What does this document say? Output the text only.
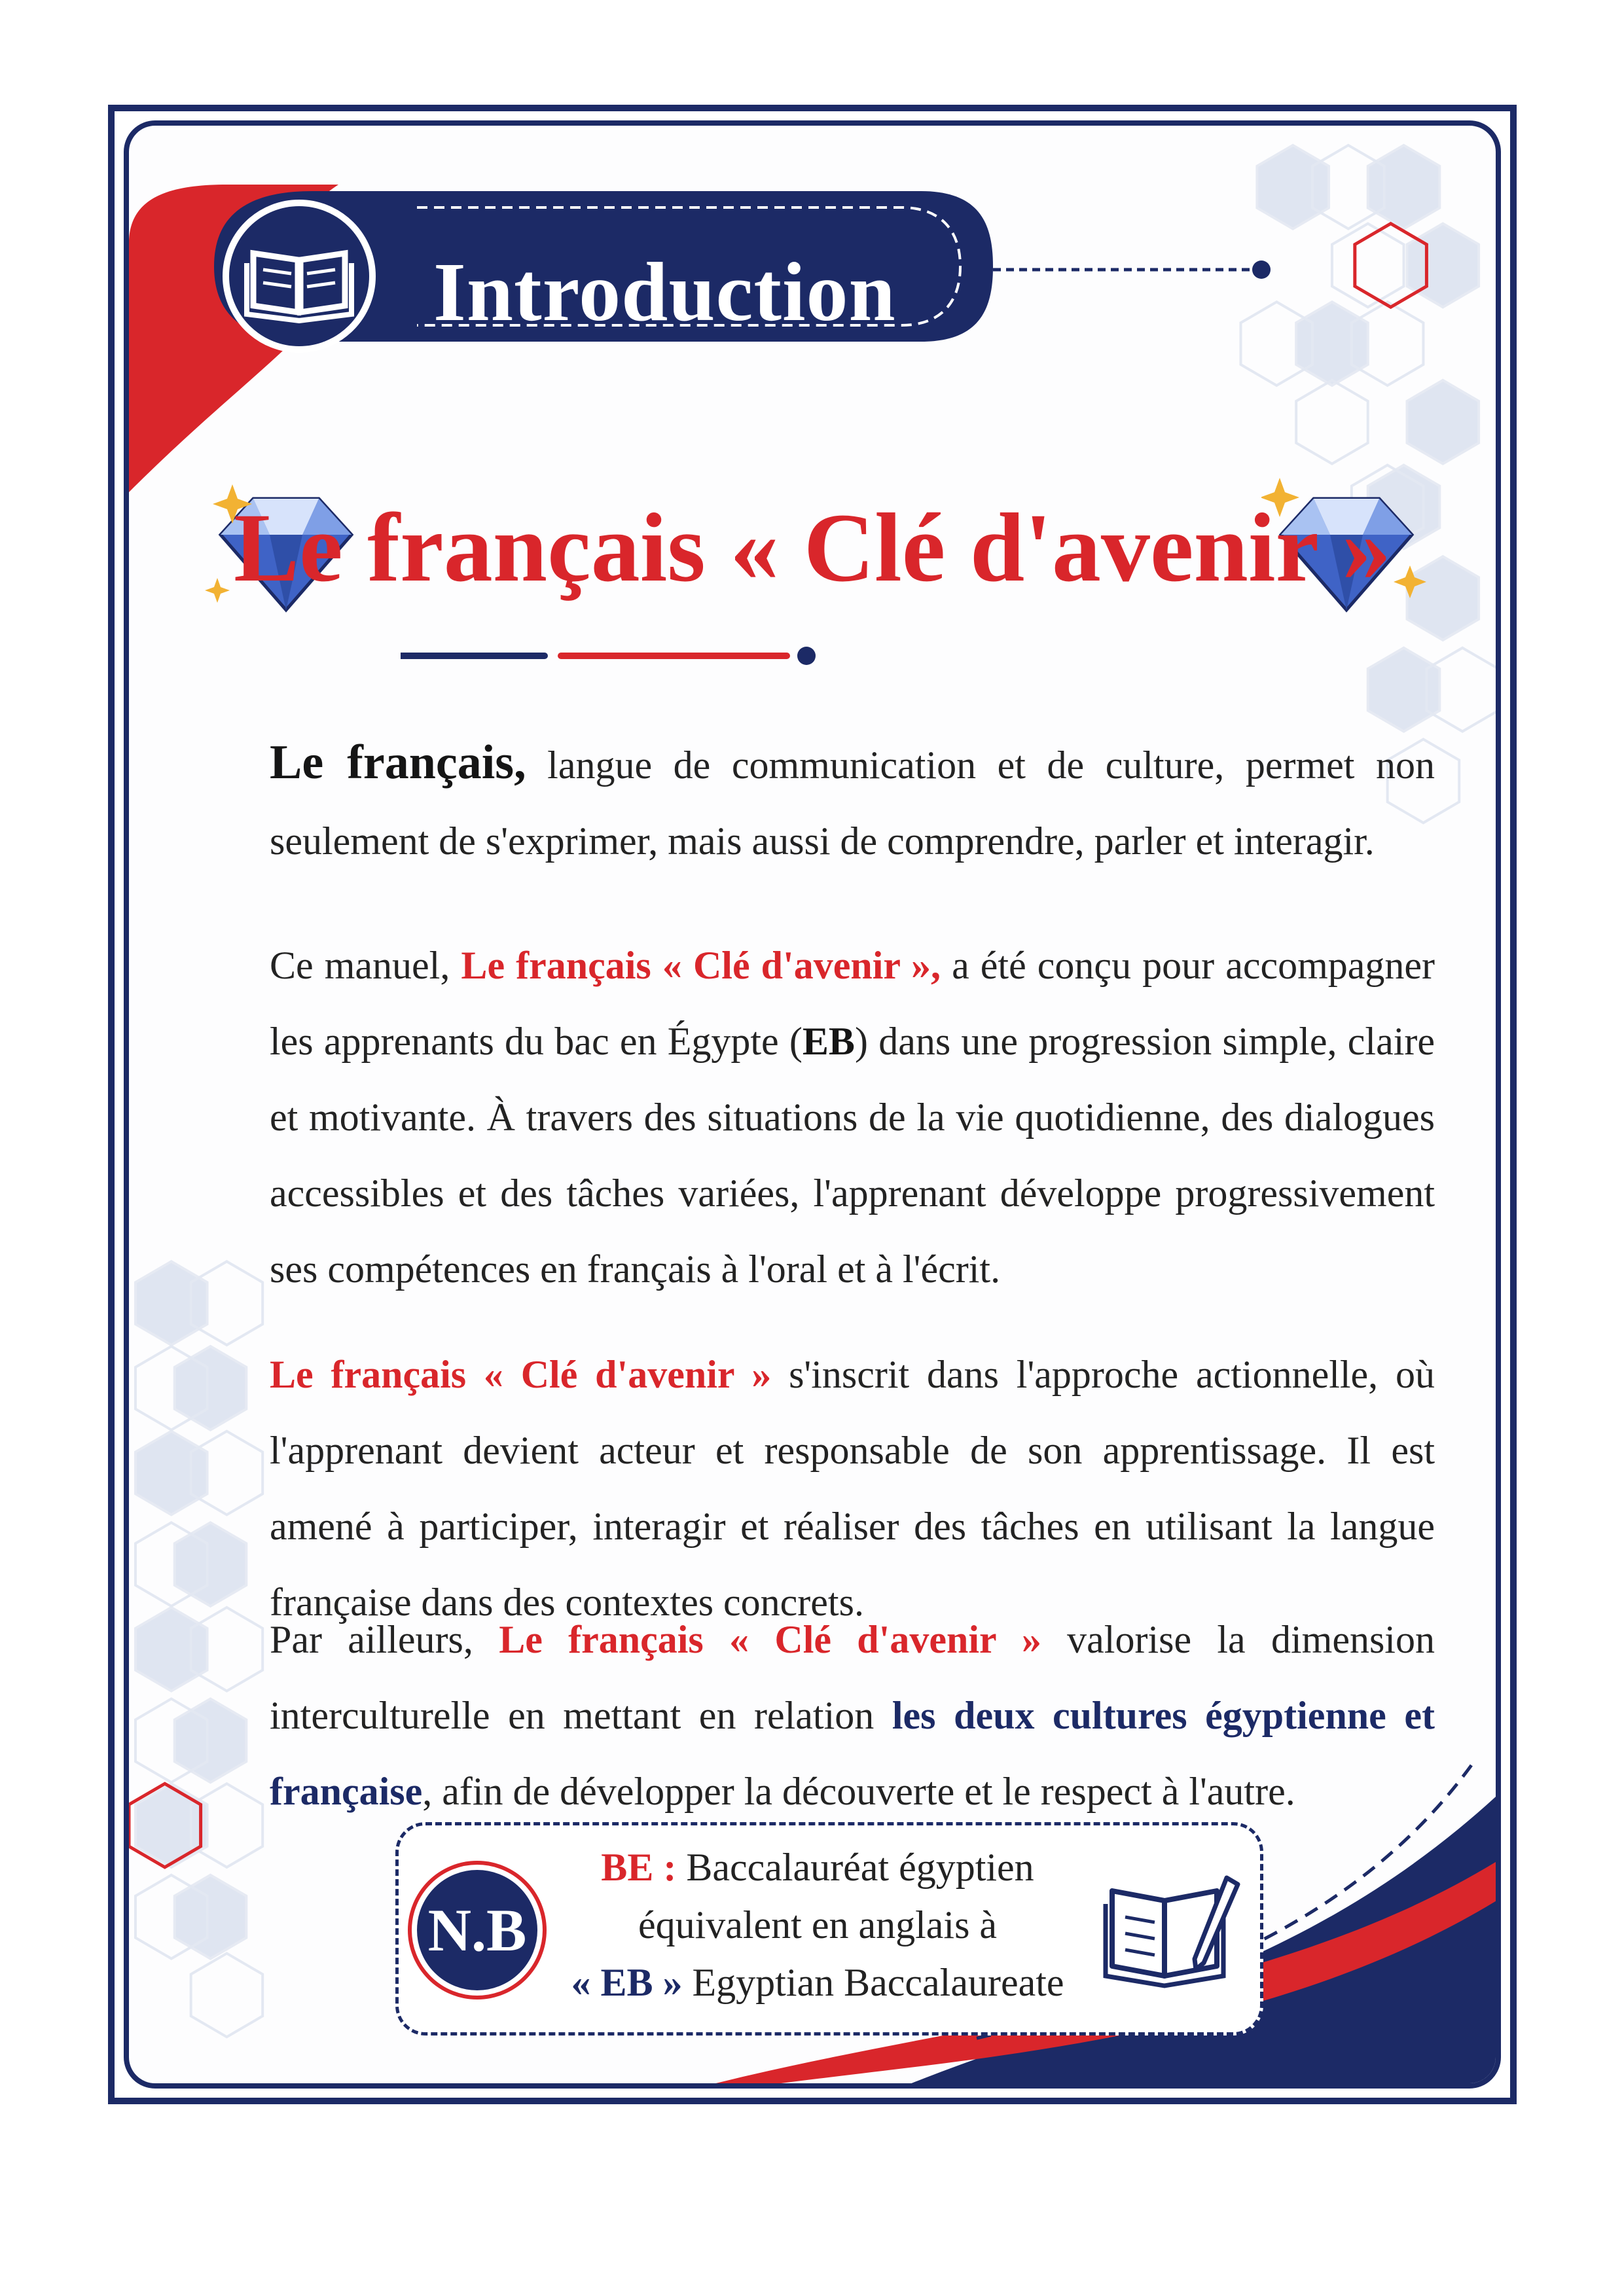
Introduction
Le français « Clé d'avenir »
Le français, langue de communication et de culture, permet non seulement de s'exprimer, mais aussi de comprendre, parler et interagir.
Ce manuel, Le français « Clé d'avenir », a été conçu pour accompagner les apprenants du bac en Égypte (EB) dans une progression simple, claire et motivante. À travers des situations de la vie quotidienne, des dialogues accessibles et des tâches variées, l'apprenant développe progressivement ses compétences en français à l'oral et à l'écrit.
Le français « Clé d'avenir » s'inscrit dans l'approche actionnelle, où l'apprenant devient acteur et responsable de son apprentissage. Il est amené à participer, interagir et réaliser des tâches en utilisant la langue française dans des contextes concrets.
Par ailleurs, Le français « Clé d'avenir » valorise la dimension interculturelle en mettant en relation les deux cultures égyptienne et française, afin de développer la découverte et le respect à l'autre.
N.B
BE : Baccalauréat égyptien
équivalent en anglais à
« EB » Egyptian Baccalaureate
